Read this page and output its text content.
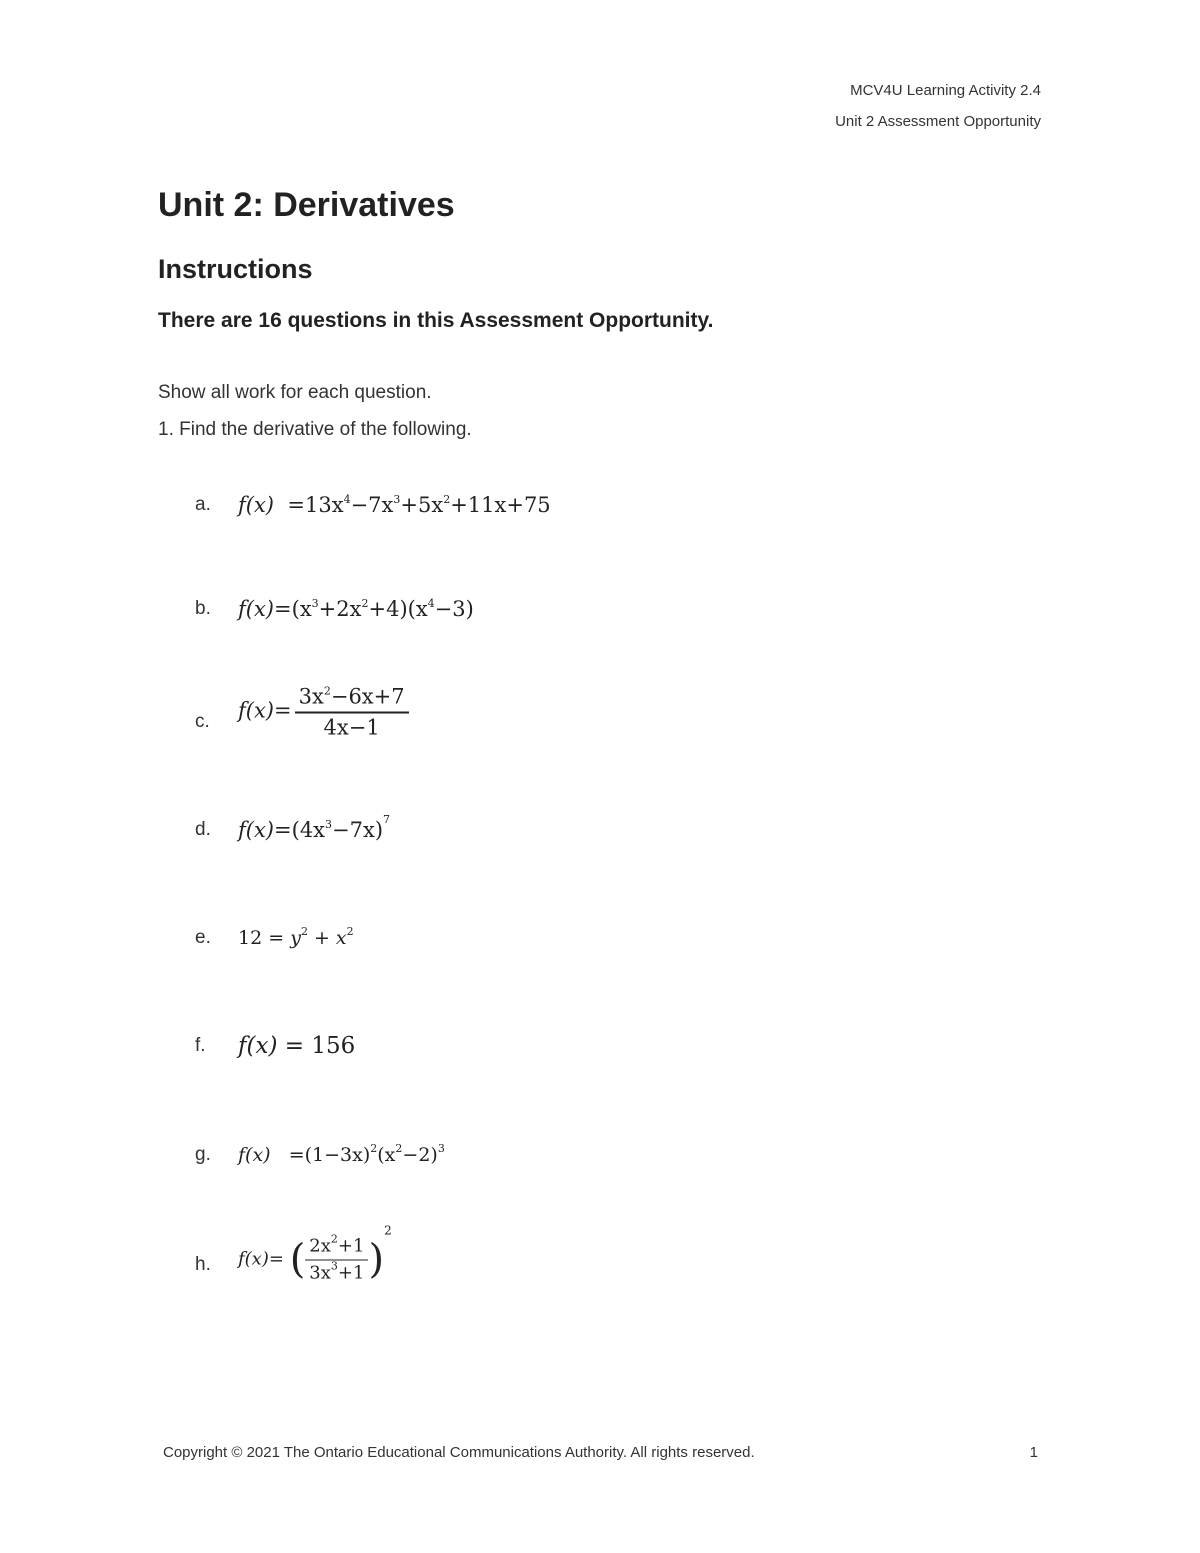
MCV4U Learning Activity 2.4
Unit 2 Assessment Opportunity
Unit 2: Derivatives
Instructions
There are 16 questions in this Assessment Opportunity.
Show all work for each question.
1. Find the derivative of the following.
a. $f(x) =13x^4-7x^3+5x^2+11x+75$
b. $f(x)=(x^3+2x^2+4)(x^4-3)$
c. $f(x)= \frac{3x^2-6x+7}{4x-1}$
d. $f(x)=(4x^3-7x)^7$
e. $12 = y^2 + x^2$
f. f(x) = 156
g. $f(x) =(1-3x)^2(x^2-2)^3$
h. f(x)= ( $\frac{2x^2+1}{3x^3+1} )^2$
Copyright © 2021 The Ontario Educational Communications Authority. All rights reserved.	1
